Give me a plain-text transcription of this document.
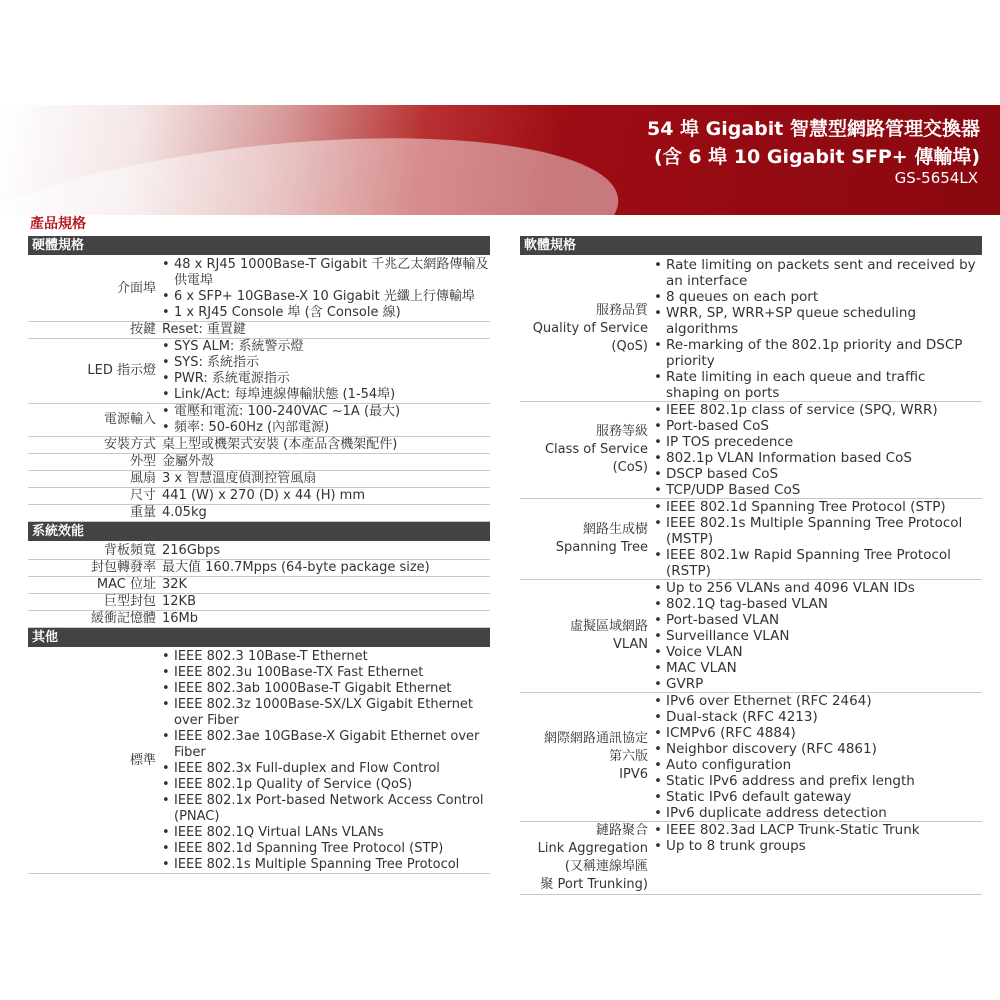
54 埠 Gigabit 智慧型網路管理交換器
(含 6 埠 10 Gigabit SFP+ 傳輸埠)
GS-5654LX
產品規格
硬體規格
介面埠
• 48 x RJ45 1000Base-T Gigabit 千兆乙太網路傳輸及供電埠
• 6 x SFP+ 10GBase-X 10 Gigabit 光纖上行傳輸埠
• 1 x RJ45 Console 埠 (含 Console 線)
按鍵 Reset: 重置鍵
LED 指示燈
• SYS ALM: 系統警示燈
• SYS: 系統指示
• PWR: 系統電源指示
• Link/Act: 每埠連線傳輸狀態 (1-54埠)
電源輸入
• 電壓和電流: 100-240VAC ~1A (最大)
• 頻率: 50-60Hz (內部電源)
安裝方式 桌上型或機架式安裝 (本產品含機架配件)
外型 金屬外殼
風扇 3 x 智慧溫度偵測控管風扇
尺寸 441 (W) x 270 (D) x 44 (H) mm
重量 4.05kg
系統效能
背板頻寬 216Gbps
封包轉發率 最大值 160.7Mpps (64-byte package size)
MAC 位址 32K
巨型封包 12KB
緩衝記憶體 16Mb
其他
標準
• IEEE 802.3 10Base-T Ethernet
• IEEE 802.3u 100Base-TX Fast Ethernet
• IEEE 802.3ab 1000Base-T Gigabit Ethernet
• IEEE 802.3z 1000Base-SX/LX Gigabit Ethernet over Fiber
• IEEE 802.3ae 10GBase-X Gigabit Ethernet over Fiber
• IEEE 802.3x Full-duplex and Flow Control
• IEEE 802.1p Quality of Service (QoS)
• IEEE 802.1x Port-based Network Access Control (PNAC)
• IEEE 802.1Q Virtual LANs VLANs
• IEEE 802.1d Spanning Tree Protocol (STP)
• IEEE 802.1s Multiple Spanning Tree Protocol
軟體規格
服務品質
Quality of Service
(QoS)
• Rate limiting on packets sent and received by an interface
• 8 queues on each port
• WRR, SP, WRR+SP queue scheduling algorithms
• Re-marking of the 802.1p priority and DSCP priority
• Rate limiting in each queue and traffic shaping on ports
服務等級
Class of Service
(CoS)
• IEEE 802.1p class of service (SPQ, WRR)
• Port-based CoS
• IP TOS precedence
• 802.1p VLAN Information based CoS
• DSCP based CoS
• TCP/UDP Based CoS
網路生成樹
Spanning Tree
• IEEE 802.1d Spanning Tree Protocol (STP)
• IEEE 802.1s Multiple Spanning Tree Protocol (MSTP)
• IEEE 802.1w Rapid Spanning Tree Protocol (RSTP)
虛擬區域網路
VLAN
• Up to 256 VLANs and 4096 VLAN IDs
• 802.1Q tag-based VLAN
• Port-based VLAN
• Surveillance VLAN
• Voice VLAN
• MAC VLAN
• GVRP
網際網路通訊協定
第六版
IPV6
• IPv6 over Ethernet (RFC 2464)
• Dual-stack (RFC 4213)
• ICMPv6 (RFC 4884)
• Neighbor discovery (RFC 4861)
• Auto configuration
• Static IPv6 address and prefix length
• Static IPv6 default gateway
• IPv6 duplicate address detection
鏈路聚合
Link Aggregation
(又稱連線埠匯
聚 Port Trunking)
• IEEE 802.3ad LACP Trunk-Static Trunk
• Up to 8 trunk groups
